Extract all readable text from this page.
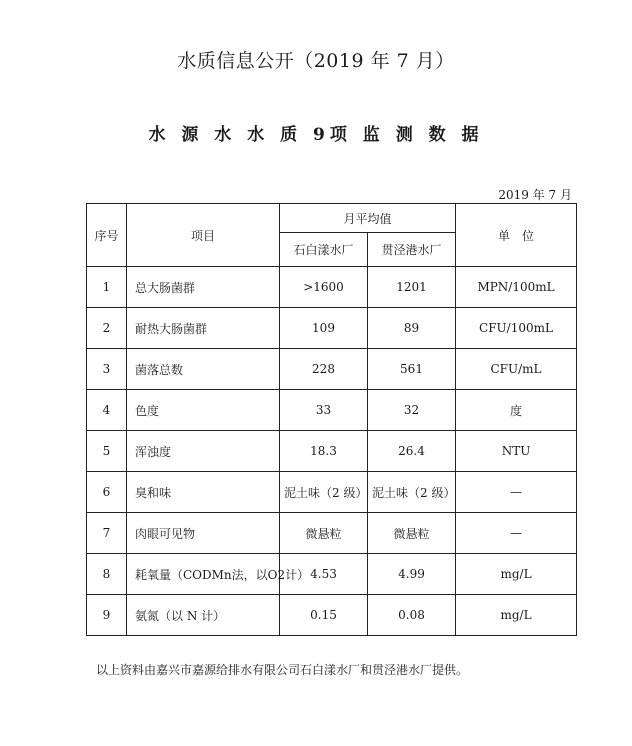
水质信息公开（2019 年 7 月）
水 源 水 水 质 9项 监 测 数 据
2019 年 7 月
序号	项目	月平均值		单　位
		石白漾水厂	贯泾港水厂	
1	总大肠菌群	>1600	1201	MPN/100mL
2	耐热大肠菌群	109	89	CFU/100mL
3	菌落总数	228	561	CFU/mL
4	色度	33	32	度
5	浑浊度	18.3	26.4	NTU
6	臭和味	泥土味（2 级）	泥土味（2 级）	—
7	肉眼可见物	微悬粒	微悬粒	—
8	耗氧量（CODMn法，以O2计）	4.53	4.99	mg/L
9	氨氮（以 N 计）	0.15	0.08	mg/L
以上资料由嘉兴市嘉源给排水有限公司石白漾水厂和贯泾港水厂提供。
